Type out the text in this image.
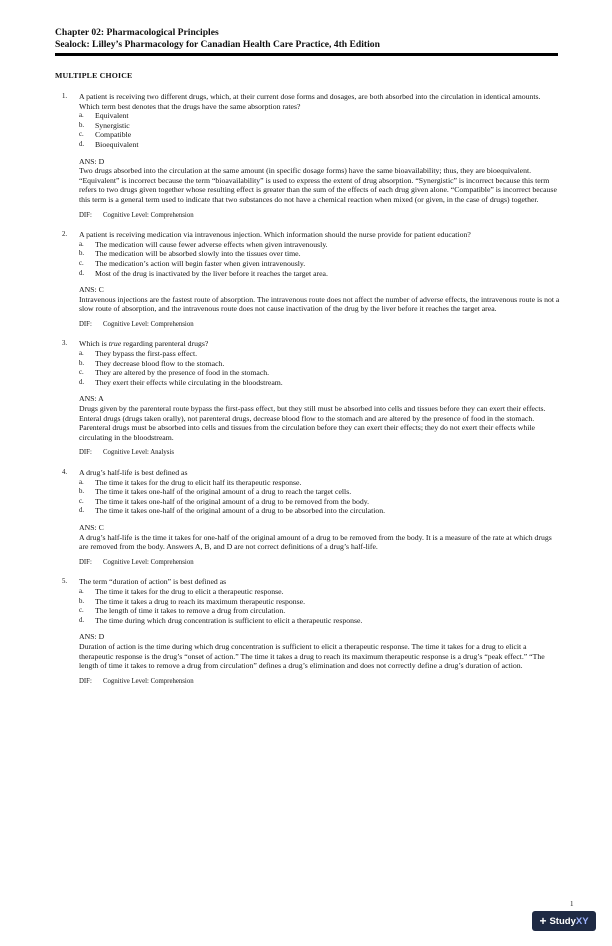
Chapter 02: Pharmacological Principles
Sealock: Lilley’s Pharmacology for Canadian Health Care Practice, 4th Edition
MULTIPLE CHOICE
1. A patient is receiving two different drugs, which, at their current dose forms and dosages, are both absorbed into the circulation in identical amounts. Which term best denotes that the drugs have the same absorption rates?

a. Equivalent
b. Synergistic
c. Compatible
d. Bioequivalent
ANS: D

Two drugs absorbed into the circulation at the same amount (in specific dosage forms) have the same bioavailability; thus, they are bioequivalent. “Equivalent” is incorrect because the term “bioavailability” is used to express the extent of drug absorption. “Synergistic” is incorrect because this term refers to two drugs given together whose resulting effect is greater than the sum of the effects of each drug given alone. “Compatible” is incorrect because this term is a general term used to indicate that two substances do not have a chemical reaction when mixed (or given, in the case of drugs) together.

DIF: Cognitive Level: Comprehension
2. A patient is receiving medication via intravenous injection. Which information should the nurse provide for patient education?

a. The medication will cause fewer adverse effects when given intravenously.
b. The medication will be absorbed slowly into the tissues over time.
c. The medication’s action will begin faster when given intravenously.
d. Most of the drug is inactivated by the liver before it reaches the target area.
ANS: C

Intravenous injections are the fastest route of absorption. The intravenous route does not affect the number of adverse effects, the intravenous route is not a slow route of absorption, and the intravenous route does not cause inactivation of the drug by the liver before it reaches the target area.

DIF: Cognitive Level: Comprehension
3. Which is true regarding parenteral drugs?

a. They bypass the first-pass effect.
b. They decrease blood flow to the stomach.
c. They are altered by the presence of food in the stomach.
d. They exert their effects while circulating in the bloodstream.
ANS: A

Drugs given by the parenteral route bypass the first-pass effect, but they still must be absorbed into cells and tissues before they can exert their effects. Enteral drugs (drugs taken orally), not parenteral drugs, decrease blood flow to the stomach and are altered by the presence of food in the stomach. Parenteral drugs must be absorbed into cells and tissues from the circulation before they can exert their effects; they do not exert their effects while circulating in the bloodstream.

DIF: Cognitive Level: Analysis
4. A drug’s half-life is best defined as

a. The time it takes for the drug to elicit half its therapeutic response.
b. The time it takes one-half of the original amount of a drug to reach the target cells.
c. The time it takes one-half of the original amount of a drug to be removed from the body.
d. The time it takes one-half of the original amount of a drug to be absorbed into the circulation.
ANS: C

A drug’s half-life is the time it takes for one-half of the original amount of a drug to be removed from the body. It is a measure of the rate at which drugs are removed from the body. Answers A, B, and D are not correct definitions of a drug’s half-life.

DIF: Cognitive Level: Comprehension
5. The term “duration of action” is best defined as

a. The time it takes for the drug to elicit a therapeutic response.
b. The time it takes a drug to reach its maximum therapeutic response.
c. The length of time it takes to remove a drug from circulation.
d. The time during which drug concentration is sufficient to elicit a therapeutic response.
ANS: D

Duration of action is the time during which drug concentration is sufficient to elicit a therapeutic response. The time it takes for a drug to elicit a therapeutic response is the drug’s “onset of action.” The time it takes a drug to reach its maximum therapeutic response is a drug’s “peak effect.” “The length of time it takes to remove a drug from circulation” defines a drug’s elimination and does not correctly define a drug’s duration of action.

DIF: Cognitive Level: Comprehension
1
+ StudyXY
